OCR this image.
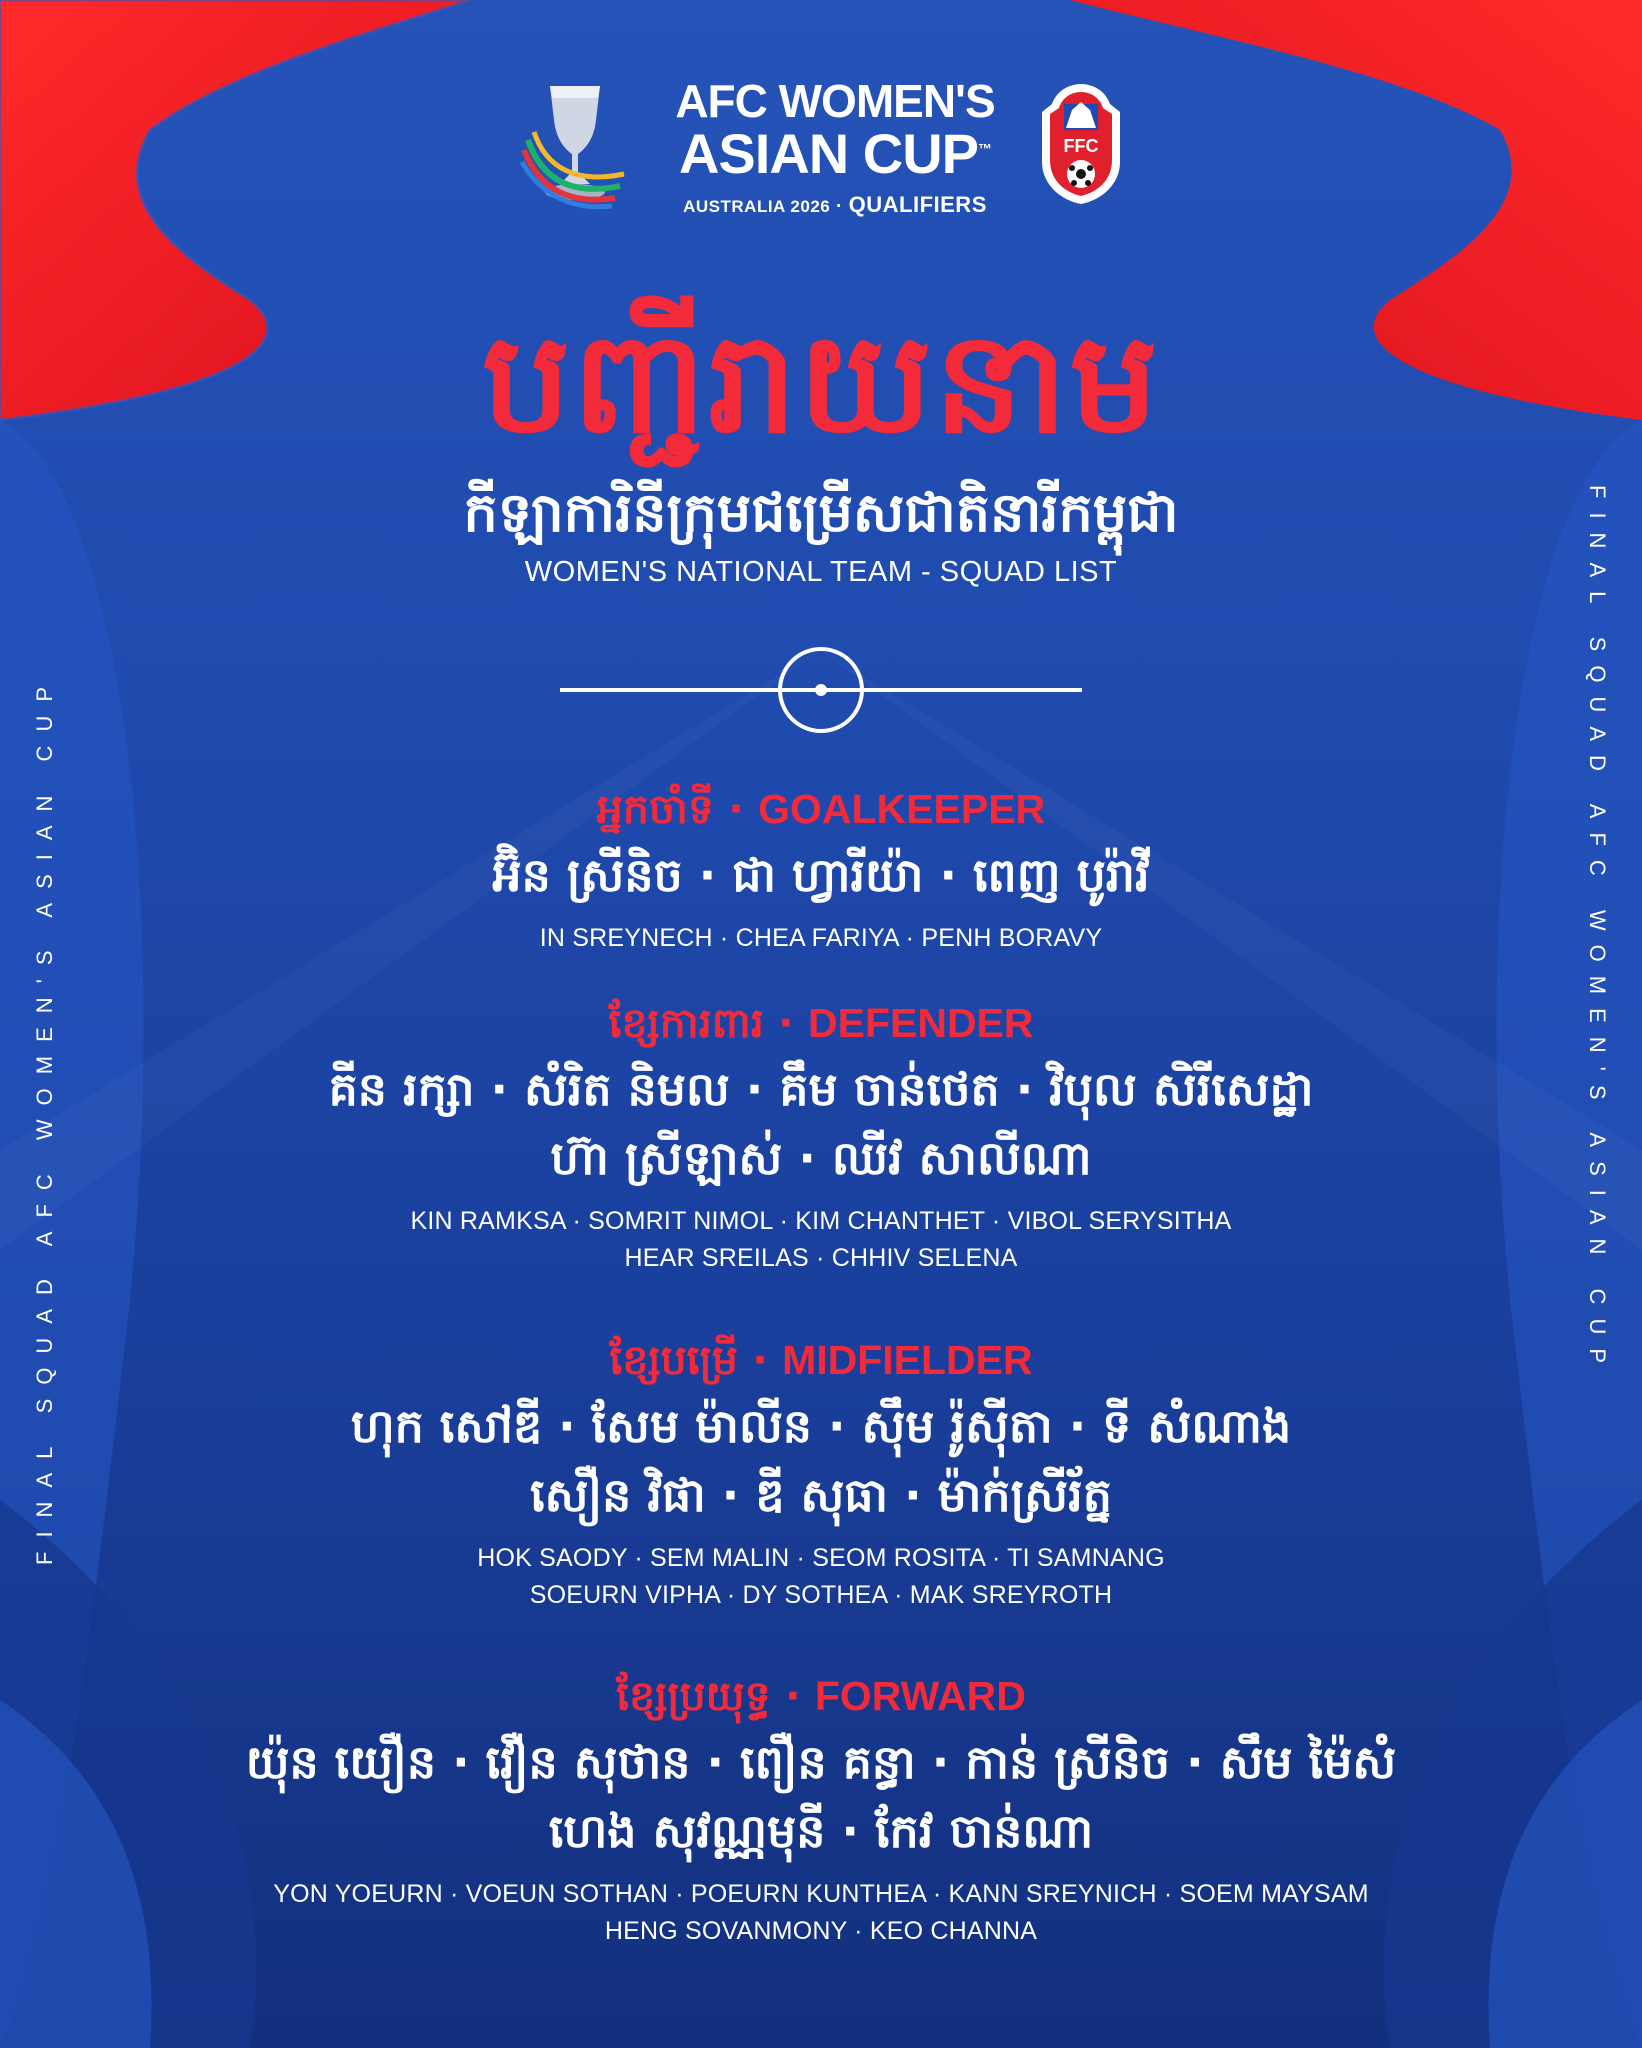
AFC WOMEN'S
ASIAN CUP™
AUSTRALIA 2026 · QUALIFIERS
FFC
បញ្ជីរាយនាម
កីឡាការិនីក្រុមជម្រើសជាតិនារីកម្ពុជា
WOMEN'S NATIONAL TEAM - SQUAD LIST
អ្នកចាំទី · GOALKEEPER
អ៊ិន ស្រីនិច · ជា ហ្វារីយ៉ា · ពេញ បូរ៉ាវី
IN SREYNECH · CHEA FARIYA · PENH BORAVY
ខ្សែការពារ · DEFENDER
គីន រក្សា · សំរិត និមល · គឹម ចាន់ថេត · វិបុល សិរីសេដ្ឋា
ហ៊ា ស្រីឡាស់ · ឈីវ សាលីណា
KIN RAMKSA · SOMRIT NIMOL · KIM CHANTHET · VIBOL SERYSITHA
HEAR SREILAS · CHHIV SELENA
ខ្សែបម្រើ · MIDFIELDER
ហុក សៅឌី · សែម ម៉ាលីន · ស៊ឹម រ៉ូស៊ីតា · ទី សំណាង
សឿន វិផា · ឌី សុធា · ម៉ាក់ស្រីរ័ត្ន
HOK SAODY · SEM MALIN · SEOM ROSITA · TI SAMNANG
SOEURN VIPHA · DY SOTHEA · MAK SREYROTH
ខ្សែប្រយុទ្ធ · FORWARD
យ៉ុន យឿន · វឿន សុថាន · ពឿន គន្ធា · កាន់ ស្រីនិច · សឹម ម៉ៃសំ
ហេង សុវណ្ណមុនី · កែវ ចាន់ណា
YON YOEURN · VOEUN SOTHAN · POEURN KUNTHEA · KANN SREYNICH · SOEM MAYSAM
HENG SOVANMONY · KEO CHANNA
FINAL SQUAD AFC WOMEN'S ASIAN CUP	FINAL SQUAD AFC WOMEN'S ASIAN CUP
